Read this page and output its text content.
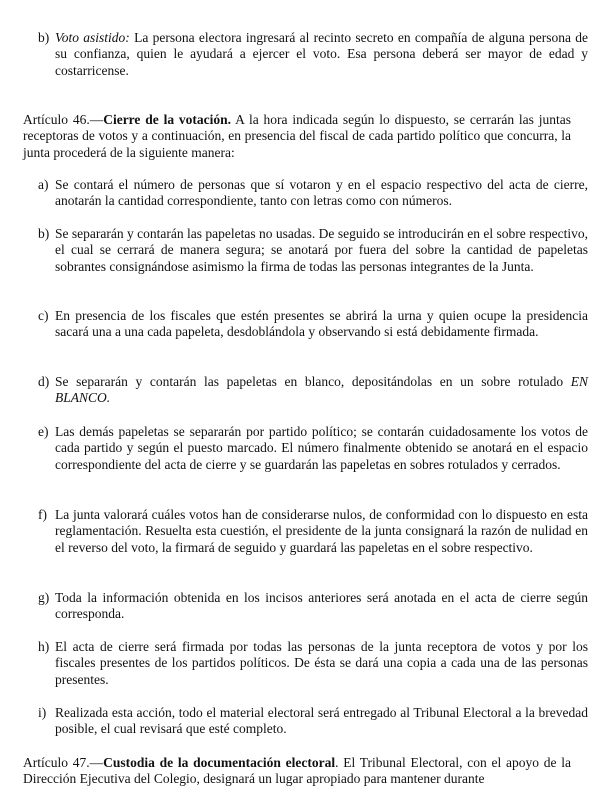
b) Voto asistido: La persona electora ingresará al recinto secreto en compañía de alguna persona de su confianza, quien le ayudará a ejercer el voto. Esa persona deberá ser mayor de edad y costarricense.

Artículo 46.—Cierre de la votación. A la hora indicada según lo dispuesto, se cerrarán las juntas receptoras de votos y a continuación, en presencia del fiscal de cada partido político que concurra, la junta procederá de la siguiente manera:

a) Se contará el número de personas que sí votaron y en el espacio respectivo del acta de cierre, anotarán la cantidad correspondiente, tanto con letras como con números.

b) Se separarán y contarán las papeletas no usadas. De seguido se introducirán en el sobre respectivo, el cual se cerrará de manera segura; se anotará por fuera del sobre la cantidad de papeletas sobrantes consignándose asimismo la firma de todas las personas integrantes de la Junta.

c) En presencia de los fiscales que estén presentes se abrirá la urna y quien ocupe la presidencia sacará una a una cada papeleta, desdoblándola y observando si está debidamente firmada.

d) Se separarán y contarán las papeletas en blanco, depositándolas en un sobre rotulado EN BLANCO.

e) Las demás papeletas se separarán por partido político; se contarán cuidadosamente los votos de cada partido y según el puesto marcado. El número finalmente obtenido se anotará en el espacio correspondiente del acta de cierre y se guardarán las papeletas en sobres rotulados y cerrados.

f) La junta valorará cuáles votos han de considerarse nulos, de conformidad con lo dispuesto en esta reglamentación. Resuelta esta cuestión, el presidente de la junta consignará la razón de nulidad en el reverso del voto, la firmará de seguido y guardará las papeletas en el sobre respectivo.

g) Toda la información obtenida en los incisos anteriores será anotada en el acta de cierre según corresponda.

h) El acta de cierre será firmada por todas las personas de la junta receptora de votos y por los fiscales presentes de los partidos políticos. De ésta se dará una copia a cada una de las personas presentes.

i) Realizada esta acción, todo el material electoral será entregado al Tribunal Electoral a la brevedad posible, el cual revisará que esté completo.

Artículo 47.—Custodia de la documentación electoral. El Tribunal Electoral, con el apoyo de la Dirección Ejecutiva del Colegio, designará un lugar apropiado para mantener durante
